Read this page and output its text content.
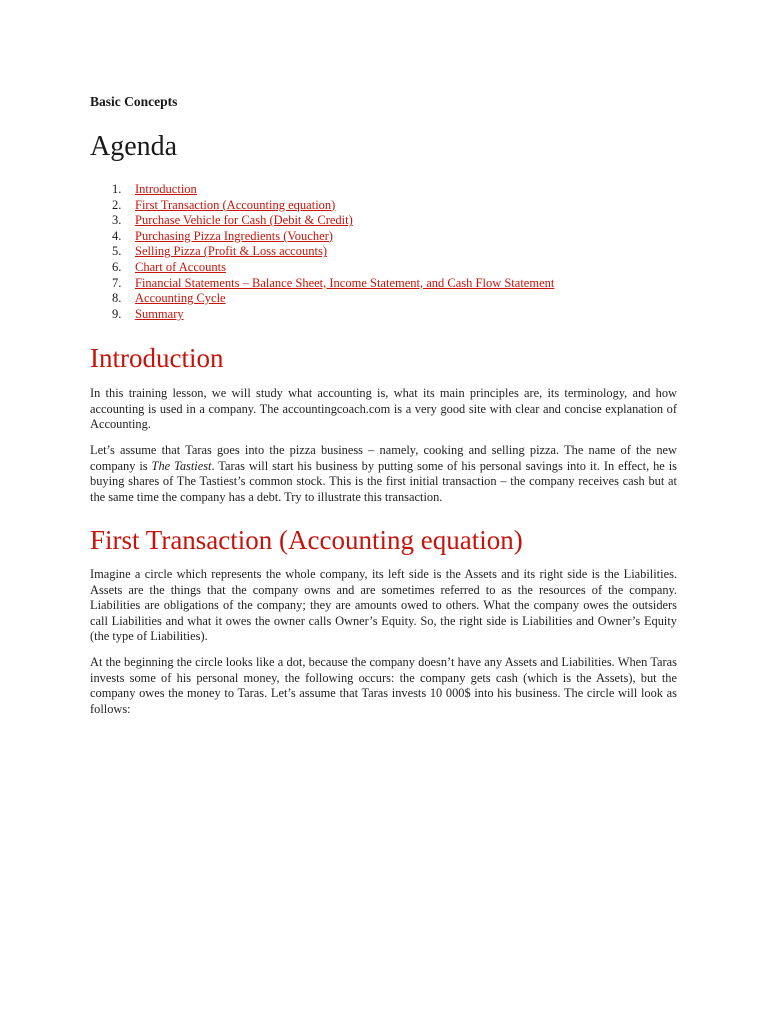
Basic Concepts
Agenda
1. Introduction
2. First Transaction (Accounting equation)
3. Purchase Vehicle for Cash (Debit & Credit)
4. Purchasing Pizza Ingredients (Voucher)
5. Selling Pizza (Profit & Loss accounts)
6. Chart of Accounts
7. Financial Statements – Balance Sheet, Income Statement, and Cash Flow Statement
8. Accounting Cycle
9. Summary
Introduction

In this training lesson, we will study what accounting is, what its main principles are, its terminology, and how accounting is used in a company. The accountingcoach.com is a very good site with clear and concise explanation of Accounting.

Let’s assume that Taras goes into the pizza business – namely, cooking and selling pizza. The name of the new company is The Tastiest. Taras will start his business by putting some of his personal savings into it. In effect, he is buying shares of The Tastiest’s common stock. This is the first initial transaction – the company receives cash but at the same time the company has a debt. Try to illustrate this transaction.

First Transaction (Accounting equation)

Imagine a circle which represents the whole company, its left side is the Assets and its right side is the Liabilities. Assets are the things that the company owns and are sometimes referred to as the resources of the company. Liabilities are obligations of the company; they are amounts owed to others. What the company owes the outsiders call Liabilities and what it owes the owner calls Owner’s Equity. So, the right side is Liabilities and Owner’s Equity (the type of Liabilities).

At the beginning the circle looks like a dot, because the company doesn’t have any Assets and Liabilities. When Taras invests some of his personal money, the following occurs: the company gets cash (which is the Assets), but the company owes the money to Taras. Let’s assume that Taras invests 10 000$ into his business. The circle will look as follows:
